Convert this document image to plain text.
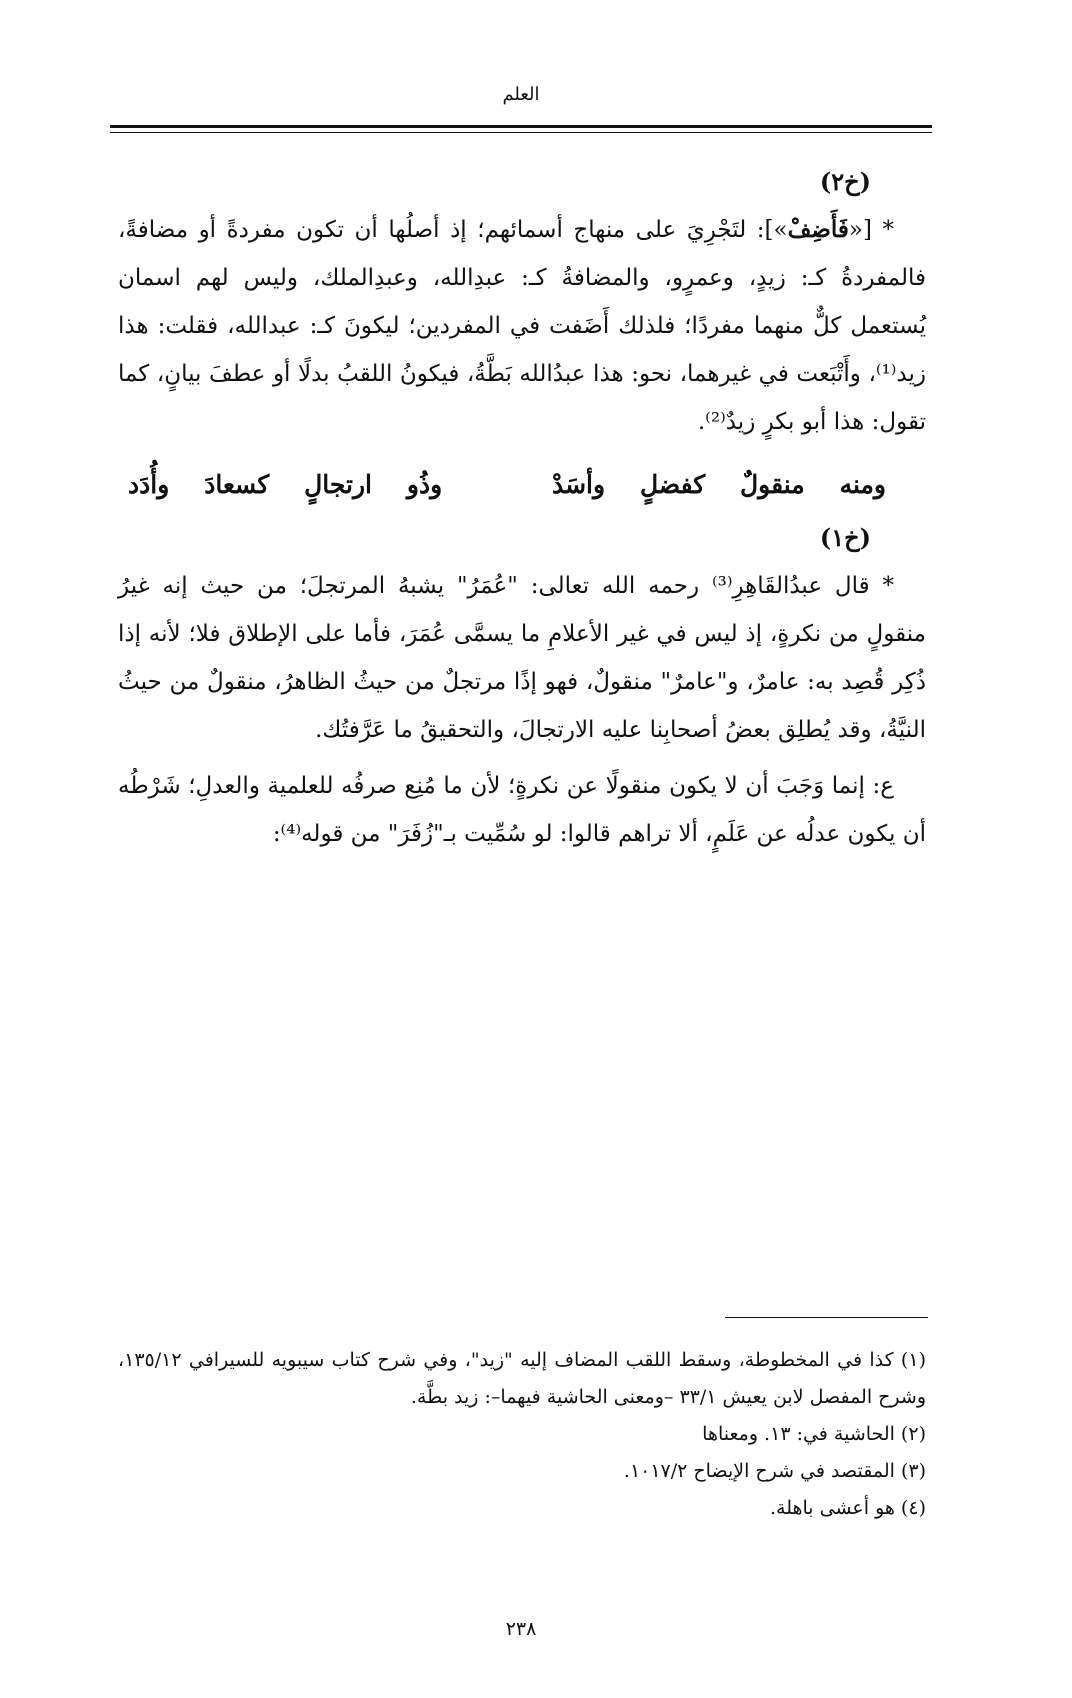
العلم
(خ٢)

* [«فَأَضِفْ»]: لتَجْرِيَ على منهاج أسمائهم؛ إذ أصلُها أن تكون مفردةً أو مضافةً، فالمفردةُ كـ: زيدٍ، وعمرٍو، والمضافةُ كـ: عبدِالله، وعبدِالملك، وليس لهم اسمان يُستعمل كلٌّ منهما مفردًا؛ فلذلك أَضَفت في المفردين؛ ليكونَ كـ: عبدالله، فقلت: هذا زيد⁽¹⁾، وأَتْبَعت في غيرهما، نحو: هذا عبدُالله بَطَّةُ، فيكونُ اللقبُ بدلًا أو عطفَ بيانٍ، كما تقول: هذا أبو بكرٍ زيدٌ⁽²⁾.

ومنه
منقولٌ
كفضلٍ
وأسَدْ
وذُو
ارتجالٍ
كسعادَ
وأُدَد
(خ١)

* قال عبدُالقَاهِرِ⁽³⁾ رحمه الله تعالى: "عُمَرُ" يشبهُ المرتجلَ؛ من حيث إنه غيرُ منقولٍ من نكرةٍ، إذ ليس في غير الأعلامِ ما يسمَّى عُمَرَ، فأما على الإطلاق فلا؛ لأنه إذا ذُكِر قُصِد به: عامرٌ، و"عامرٌ" منقولٌ، فهو إذًا مرتجلٌ من حيثُ الظاهرُ، منقولٌ من حيثُ النيَّةُ، وقد يُطلِق بعضُ أصحابِنا عليه الارتجالَ، والتحقيقُ ما عَرَّفتُك.

ع: إنما وَجَبَ أن لا يكون منقولًا عن نكرةٍ؛ لأن ما مُنِع صرفُه للعلمية والعدلِ؛ شَرْطُه أن يكون عدلُه عن عَلَمٍ، ألا تراهم قالوا: لو سُمِّيت بـ"زُفَرَ" من قوله⁽⁴⁾:

(١) كذا في المخطوطة، وسقط اللقب المضاف إليه "زيد"، وفي شرح كتاب سيبويه للسيرافي ١٣٥/١٢، وشرح المفصل لابن يعيش ٣٣/١ –ومعنى الحاشية فيهما–: زيد بطَّة.

(٢) الحاشية في: ١٣. ومعناها

(٣) المقتصد في شرح الإيضاح ١٠١٧/٢.

(٤) هو أعشى باهلة.

٢٣٨
